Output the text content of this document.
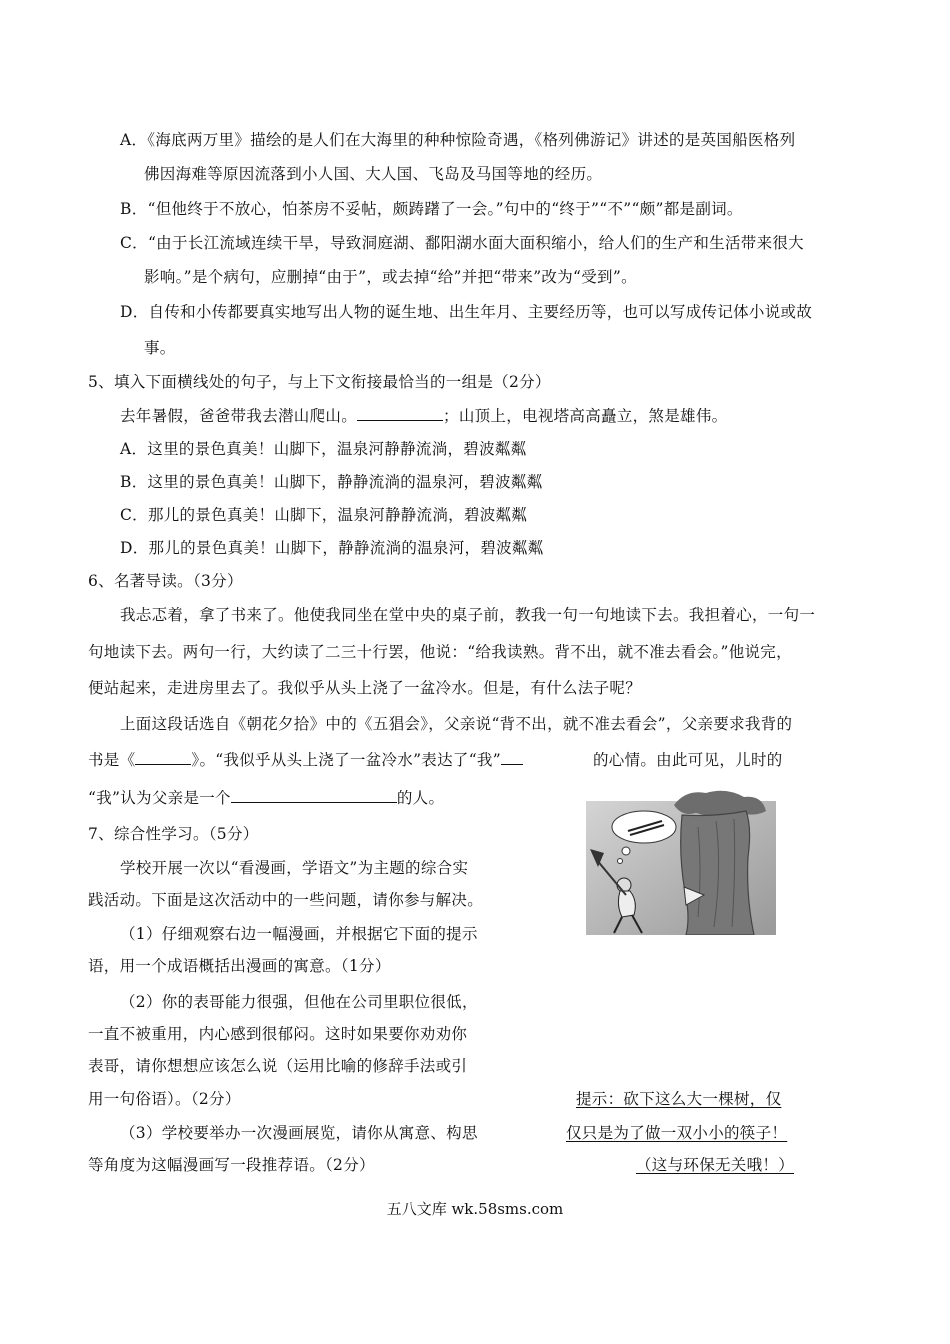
A．《海底两万里》描绘的是人们在大海里的种种惊险奇遇，《格列佛游记》讲述的是英国船医格列
佛因海难等原因流落到小人国、大人国、飞岛及马国等地的经历。
B．“但他终于不放心，怕茶房不妥帖，颇踌躇了一会。”句中的“终于”“不”“颇”都是副词。
C．“由于长江流域连续干旱，导致洞庭湖、鄱阳湖水面大面积缩小，给人们的生产和生活带来很大
影响。”是个病句，应删掉“由于”，或去掉“给”并把“带来”改为“受到”。
D．自传和小传都要真实地写出人物的诞生地、出生年月、主要经历等，也可以写成传记体小说或故
事。
5、填入下面横线处的句子，与上下文衔接最恰当的一组是（2分）
去年暑假，爸爸带我去潜山爬山。	；山顶上，电视塔高高矗立，煞是雄伟。
A．这里的景色真美！山脚下，温泉河静静流淌，碧波粼粼
B．这里的景色真美！山脚下，静静流淌的温泉河，碧波粼粼
C．那儿的景色真美！山脚下，温泉河静静流淌，碧波粼粼
D．那儿的景色真美！山脚下，静静流淌的温泉河，碧波粼粼
6、名著导读。（3分）
我忐忑着，拿了书来了。他使我同坐在堂中央的桌子前，教我一句一句地读下去。我担着心，一句一
句地读下去。两句一行，大约读了二三十行罢，他说：“给我读熟。背不出，就不准去看会。”他说完，
便站起来，走进房里去了。我似乎从头上浇了一盆冷水。但是，有什么法子呢？
上面这段话选自《朝花夕拾》中的《五猖会》，父亲说“背不出，就不准去看会”，父亲要求我背的
书是《	》。“我似乎从头上浇了一盆冷水”表达了“我”	的心情。由此可见，儿时的
“我”认为父亲是一个	的人。
7、综合性学习。（5分）
学校开展一次以“看漫画，学语文”为主题的综合实
践活动。下面是这次活动中的一些问题，请你参与解决。
（1）仔细观察右边一幅漫画，并根据它下面的提示
语，用一个成语概括出漫画的寓意。（1分）
（2）你的表哥能力很强，但他在公司里职位很低，
一直不被重用，内心感到很郁闷。这时如果要你劝劝你
表哥，请你想想应该怎么说（运用比喻的修辞手法或引
用一句俗语）。（2分）
（3）学校要举办一次漫画展览，请你从寓意、构思
等角度为这幅漫画写一段推荐语。（2分）
提示：砍下这么大一棵树，仅
仅只是为了做一双小小的筷子！
（这与环保无关哦！）
五八文库 wk.58sms.com
